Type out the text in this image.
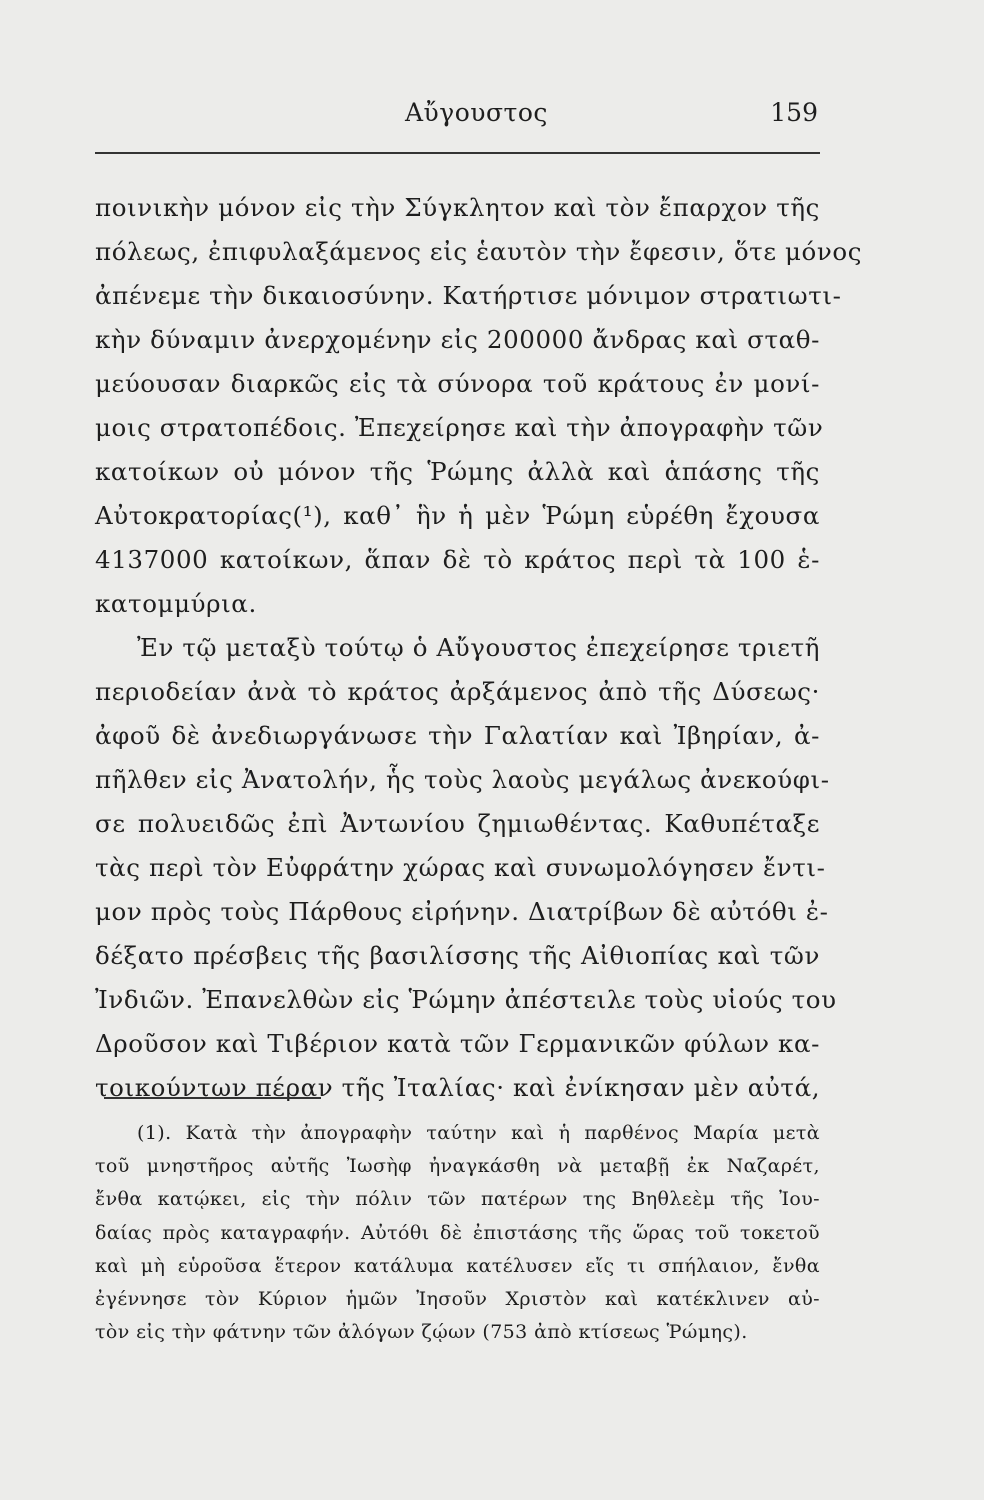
Αὔγουστος	159
ποινικὴν μόνον εἰς τὴν Σύγκλητον καὶ τὸν ἔπαρχον τῆς
πόλεως, ἐπιφυλαξάμενος εἰς ἑαυτὸν τὴν ἔφεσιν, ὅτε μόνος
ἀπένεμε τὴν δικαιοσύνην. Κατήρτισε μόνιμον στρατιωτι-
κὴν δύναμιν ἀνερχομένην εἰς 200000 ἄνδρας καὶ σταθ-
μεύουσαν διαρκῶς εἰς τὰ σύνορα τοῦ κράτους ἐν μονί-
μοις στρατοπέδοις. Ἐπεχείρησε καὶ τὴν ἀπογραφὴν τῶν
κατοίκων οὐ μόνον τῆς Ῥώμης ἀλλὰ καὶ ἁπάσης τῆς
Αὐτοκρατορίας(¹), καθ᾽ ἣν ἡ μὲν Ῥώμη εὑρέθη ἔχουσα
4137000 κατοίκων, ἅπαν δὲ τὸ κράτος περὶ τὰ 100 ἑ-
κατομμύρια.
Ἐν τῷ μεταξὺ τούτῳ ὁ Αὔγουστος ἐπεχείρησε τριετῆ
περιοδείαν ἀνὰ τὸ κράτος ἀρξάμενος ἀπὸ τῆς Δύσεως·
ἀφοῦ δὲ ἀνεδιωργάνωσε τὴν Γαλατίαν καὶ Ἰβηρίαν, ἀ-
πῆλθεν εἰς Ἀνατολήν, ἧς τοὺς λαοὺς μεγάλως ἀνεκούφι-
σε πολυειδῶς ἐπὶ Ἀντωνίου ζημιωθέντας. Καθυπέταξε
τὰς περὶ τὸν Εὐφράτην χώρας καὶ συνωμολόγησεν ἔντι-
μον πρὸς τοὺς Πάρθους εἰρήνην. Διατρίβων δὲ αὐτόθι ἐ-
δέξατο πρέσβεις τῆς βασιλίσσης τῆς Αἰθιοπίας καὶ τῶν
Ἰνδιῶν. Ἐπανελθὼν εἰς Ῥώμην ἀπέστειλε τοὺς υἱούς του
Δροῦσον καὶ Τιβέριον κατὰ τῶν Γερμανικῶν φύλων κα-
τοικούντων πέραν τῆς Ἰταλίας· καὶ ἐνίκησαν μὲν αὐτά,
(1). Κατὰ τὴν ἀπογραφὴν ταύτην καὶ ἡ παρθένος Μαρία μετὰ
τοῦ μνηστῆρος αὐτῆς Ἰωσὴφ ἠναγκάσθη νὰ μεταβῇ ἐκ Ναζαρέτ,
ἔνθα κατῴκει, εἰς τὴν πόλιν τῶν πατέρων της Βηθλεὲμ τῆς Ἰου-
δαίας πρὸς καταγραφήν. Αὐτόθι δὲ ἐπιστάσης τῆς ὥρας τοῦ τοκετοῦ
καὶ μὴ εὑροῦσα ἕτερον κατάλυμα κατέλυσεν εἴς τι σπήλαιον, ἔνθα
ἐγέννησε τὸν Κύριον ἡμῶν Ἰησοῦν Χριστὸν καὶ κατέκλινεν αὐ-
τὸν εἰς τὴν φάτνην τῶν ἀλόγων ζῴων (753 ἀπὸ κτίσεως Ῥώμης).
